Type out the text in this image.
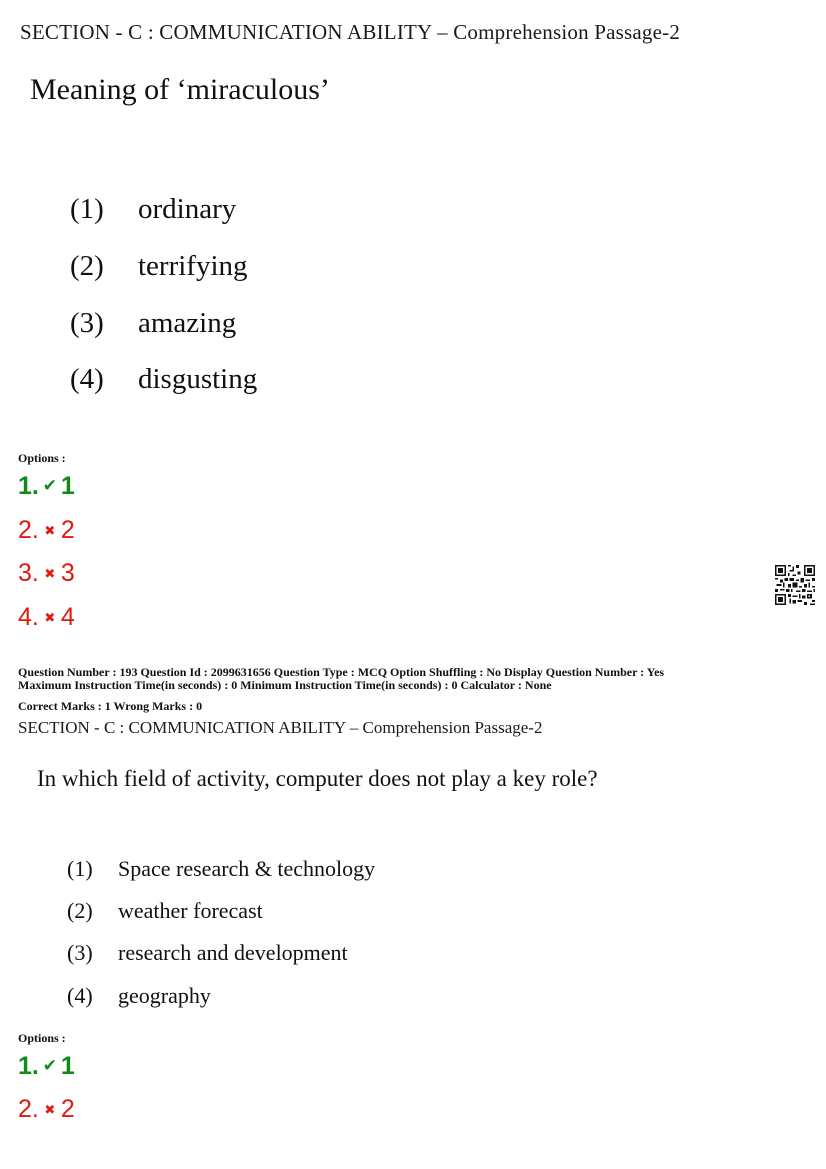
SECTION - C : COMMUNICATION ABILITY – Comprehension Passage-2
Meaning of ‘miraculous’
(1) ordinary
(2) terrifying
(3) amazing
(4) disgusting
Options :
1. ✔ 1
2. ✖ 2
3. ✖ 3
4. ✖ 4
Question Number : 193 Question Id : 2099631656 Question Type : MCQ Option Shuffling : No Display Question Number : Yes
Maximum Instruction Time(in seconds) : 0 Minimum Instruction Time(in seconds) : 0 Calculator : None
Correct Marks : 1 Wrong Marks : 0
SECTION - C : COMMUNICATION ABILITY – Comprehension Passage-2
In which field of activity, computer does not play a key role?
(1) Space research & technology
(2) weather forecast
(3) research and development
(4) geography
Options :
1. ✔ 1
2. ✖ 2
